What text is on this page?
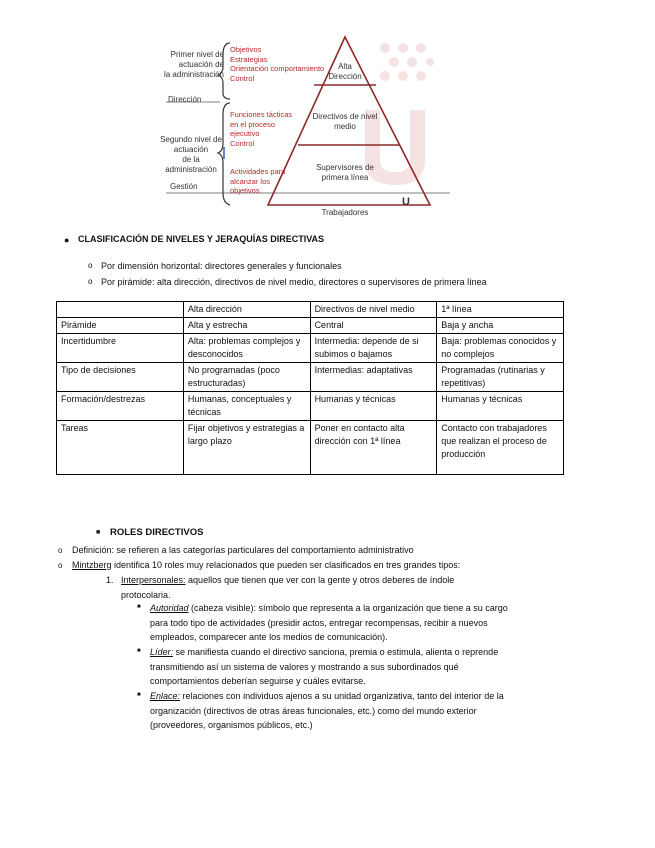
Primer nivel de
actuación de
la administración
Dirección
Segundo nivel de
actuación
de la
administración
Gestión
Objetivos
Estrategias
Orientación comportamiento
Control
Funciones tácticas
en el proceso
ejecutivo
Control
Actividades para
alcanzar los
objetivos
Alta
Dirección
Directivos de nivel
medio
Supervisores de
primera línea
Trabajadores
U
● CLASIFICACIÓN DE NIVELES Y JERAQUÍAS DIRECTIVAS
o Por dimensión horizontal: directores generales y funcionales
o Por pirámide: alta dirección, directivos de nivel medio, directores o supervisores de primera línea
	Alta dirección	Directivos de nivel medio	1ª línea
Pirámide	Alta y estrecha	Central	Baja y ancha
Incertidumbre	Alta: problemas complejos y desconocidos	Intermedia: depende de si subimos o bajamos	Baja: problemas conocidos y no complejos
Tipo de decisiones	No programadas (poco estructuradas)	Intermedias: adaptativas	Programadas (rutinarias y repetitivas)
Formación/destrezas	Humanas, conceptuales y técnicas	Humanas y técnicas	Humanas y técnicas
Tareas	Fijar objetivos y estrategias a largo plazo	Poner en contacto alta dirección con 1ª línea	Contacto con trabajadores que realizan el proceso de producción
■ ROLES DIRECTIVOS
o Definición: se refieren a las categorías particulares del comportamiento administrativo
o Mintzberg identifica 10 roles muy relacionados que pueden ser clasificados en tres grandes tipos:
1. Interpersonales: aquellos que tienen que ver con la gente y otros deberes de índole
protocolaria.
■ Autoridad (cabeza visible): símbolo que representa a la organización que tiene a su cargo
para todo tipo de actividades (presidir actos, entregar recompensas, recibir a nuevos
empleados, comparecer ante los medios de comunicación).
■ Líder: se manifiesta cuando el directivo sanciona, premia o estimula, alienta o reprende
transmitiendo así un sistema de valores y mostrando a sus subordinados qué
comportamientos deberían seguirse y cuáles evitarse.
■ Enlace: relaciones con individuos ajenos a su unidad organizativa, tanto del interior de la
organización (directivos de otras áreas funcionales, etc.) como del mundo exterior
(proveedores, organismos públicos, etc.)
